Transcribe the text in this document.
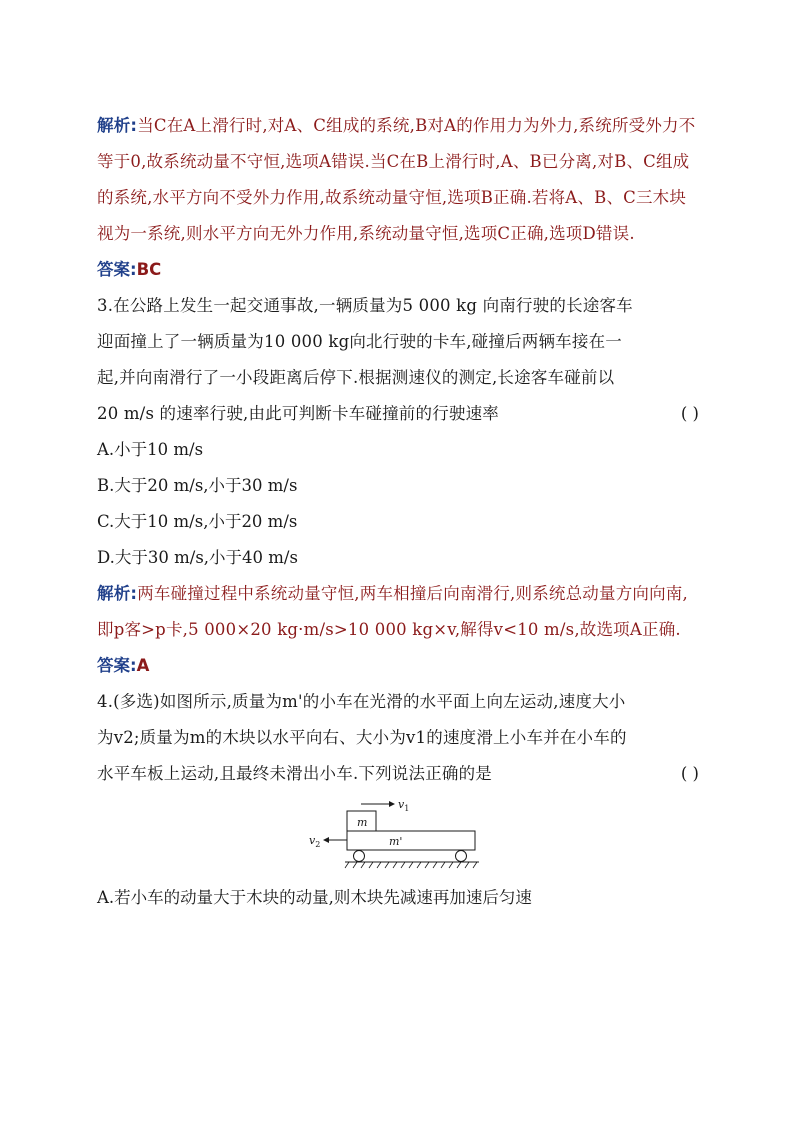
解析:当C在A上滑行时,对A、C组成的系统,B对A的作用力为外力,系统所受外力不等于0,故系统动量不守恒,选项A错误.当C在B上滑行时,A、B已分离,对B、C组成的系统,水平方向不受外力作用,故系统动量守恒,选项B正确.若将A、B、C三木块视为一系统,则水平方向无外力作用,系统动量守恒,选项C正确,选项D错误.

答案:BC

3.在公路上发生一起交通事故,一辆质量为5 000 kg 向南行驶的长途客车迎面撞上了一辆质量为10 000 kg向北行驶的卡车,碰撞后两辆车接在一起,并向南滑行了一小段距离后停下.根据测速仪的测定,长途客车碰前以 20 m/s 的速率行驶,由此可判断卡车碰撞前的行驶速率	( )

A.小于10 m/s

B.大于20 m/s,小于30 m/s

C.大于10 m/s,小于20 m/s

D.大于30 m/s,小于40 m/s

解析:两车碰撞过程中系统动量守恒,两车相撞后向南滑行,则系统总动量方向向南,即p客>p卡,5 000×20 kg·m/s>10 000 kg×v,解得v<10 m/s,故选项A正确.

答案:A

4.(多选)如图所示,质量为m'的小车在光滑的水平面上向左运动,速度大小为v2;质量为m的木块以水平向右、大小为v1的速度滑上小车并在小车的水平车板上运动,且最终未滑出小车.下列说法正确的是	( )
$v_1$
m
m'
$v_2$

A.若小车的动量大于木块的动量,则木块先减速再加速后匀速
